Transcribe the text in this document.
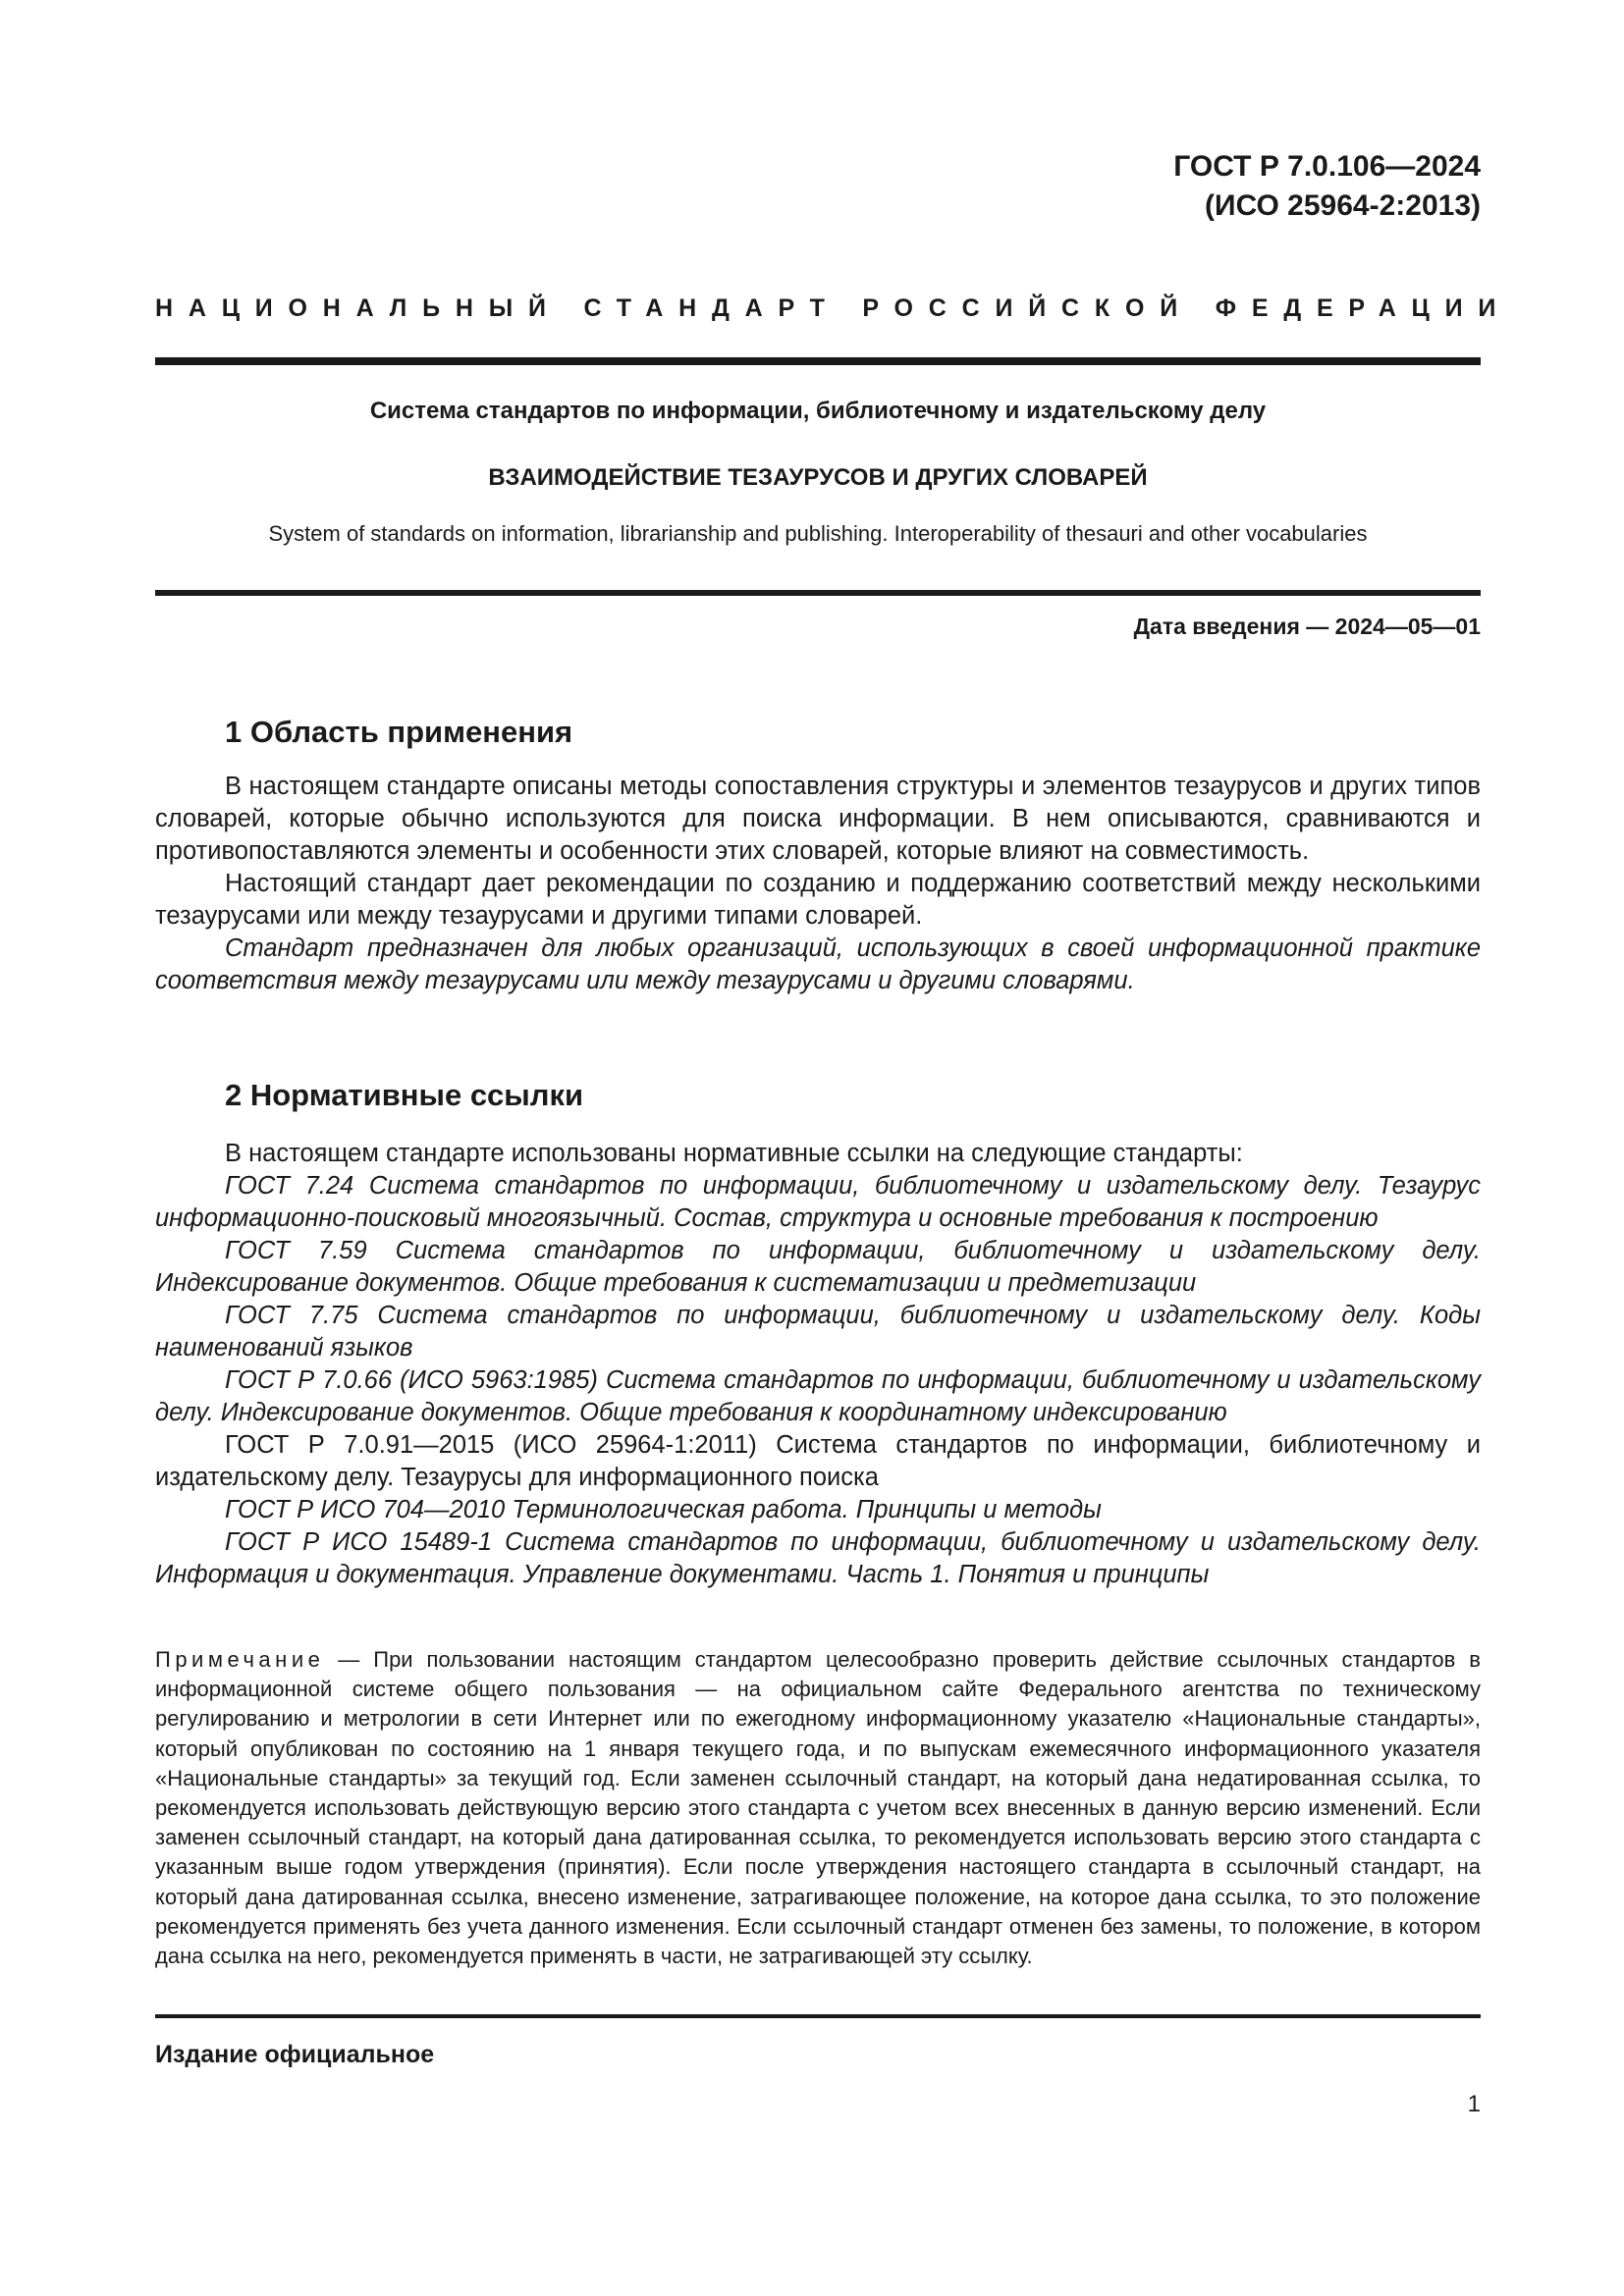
ГОСТ Р 7.0.106—2024
(ИСО 25964-2:2013)
НАЦИОНАЛЬНЫЙ СТАНДАРТ РОССИЙСКОЙ ФЕДЕРАЦИИ
Система стандартов по информации, библиотечному и издательскому делу
ВЗАИМОДЕЙСТВИЕ ТЕЗАУРУСОВ И ДРУГИХ СЛОВАРЕЙ
System of standards on information, librarianship and publishing. Interoperability of thesauri and other vocabularies
Дата введения — 2024—05—01
1 Область применения

В настоящем стандарте описаны методы сопоставления структуры и элементов тезаурусов и других типов словарей, которые обычно используются для поиска информации. В нем описываются, сравниваются и противопоставляются элементы и особенности этих словарей, которые влияют на совместимость.

Настоящий стандарт дает рекомендации по созданию и поддержанию соответствий между несколькими тезаурусами или между тезаурусами и другими типами словарей.

Стандарт предназначен для любых организаций, использующих в своей информационной практике соответствия между тезаурусами или между тезаурусами и другими словарями.

2 Нормативные ссылки

В настоящем стандарте использованы нормативные ссылки на следующие стандарты:

ГОСТ 7.24 Система стандартов по информации, библиотечному и издательскому делу. Тезаурус информационно-поисковый многоязычный. Состав, структура и основные требования к построению

ГОСТ 7.59 Система стандартов по информации, библиотечному и издательскому делу. Индексирование документов. Общие требования к систематизации и предметизации

ГОСТ 7.75 Система стандартов по информации, библиотечному и издательскому делу. Коды наименований языков

ГОСТ Р 7.0.66 (ИСО 5963:1985) Система стандартов по информации, библиотечному и издательскому делу. Индексирование документов. Общие требования к координатному индексированию

ГОСТ Р 7.0.91—2015 (ИСО 25964-1:2011) Система стандартов по информации, библиотечному и издательскому делу. Тезаурусы для информационного поиска

ГОСТ Р ИСО 704—2010 Терминологическая работа. Принципы и методы

ГОСТ Р ИСО 15489-1 Система стандартов по информации, библиотечному и издательскому делу. Информация и документация. Управление документами. Часть 1. Понятия и принципы

Примечание — При пользовании настоящим стандартом целесообразно проверить действие ссылочных стандартов в информационной системе общего пользования — на официальном сайте Федерального агентства по техническому регулированию и метрологии в сети Интернет или по ежегодному информационному указателю «Национальные стандарты», который опубликован по состоянию на 1 января текущего года, и по выпускам ежемесячного информационного указателя «Национальные стандарты» за текущий год. Если заменен ссылочный стандарт, на который дана недатированная ссылка, то рекомендуется использовать действующую версию этого стандарта с учетом всех внесенных в данную версию изменений. Если заменен ссылочный стандарт, на который дана датированная ссылка, то рекомендуется использовать версию этого стандарта с указанным выше годом утверждения (принятия). Если после утверждения настоящего стандарта в ссылочный стандарт, на который дана датированная ссылка, внесено изменение, затрагивающее положение, на которое дана ссылка, то это положение рекомендуется применять без учета данного изменения. Если ссылочный стандарт отменен без замены, то положение, в котором дана ссылка на него, рекомендуется применять в части, не затрагивающей эту ссылку.
Издание официальное
1
